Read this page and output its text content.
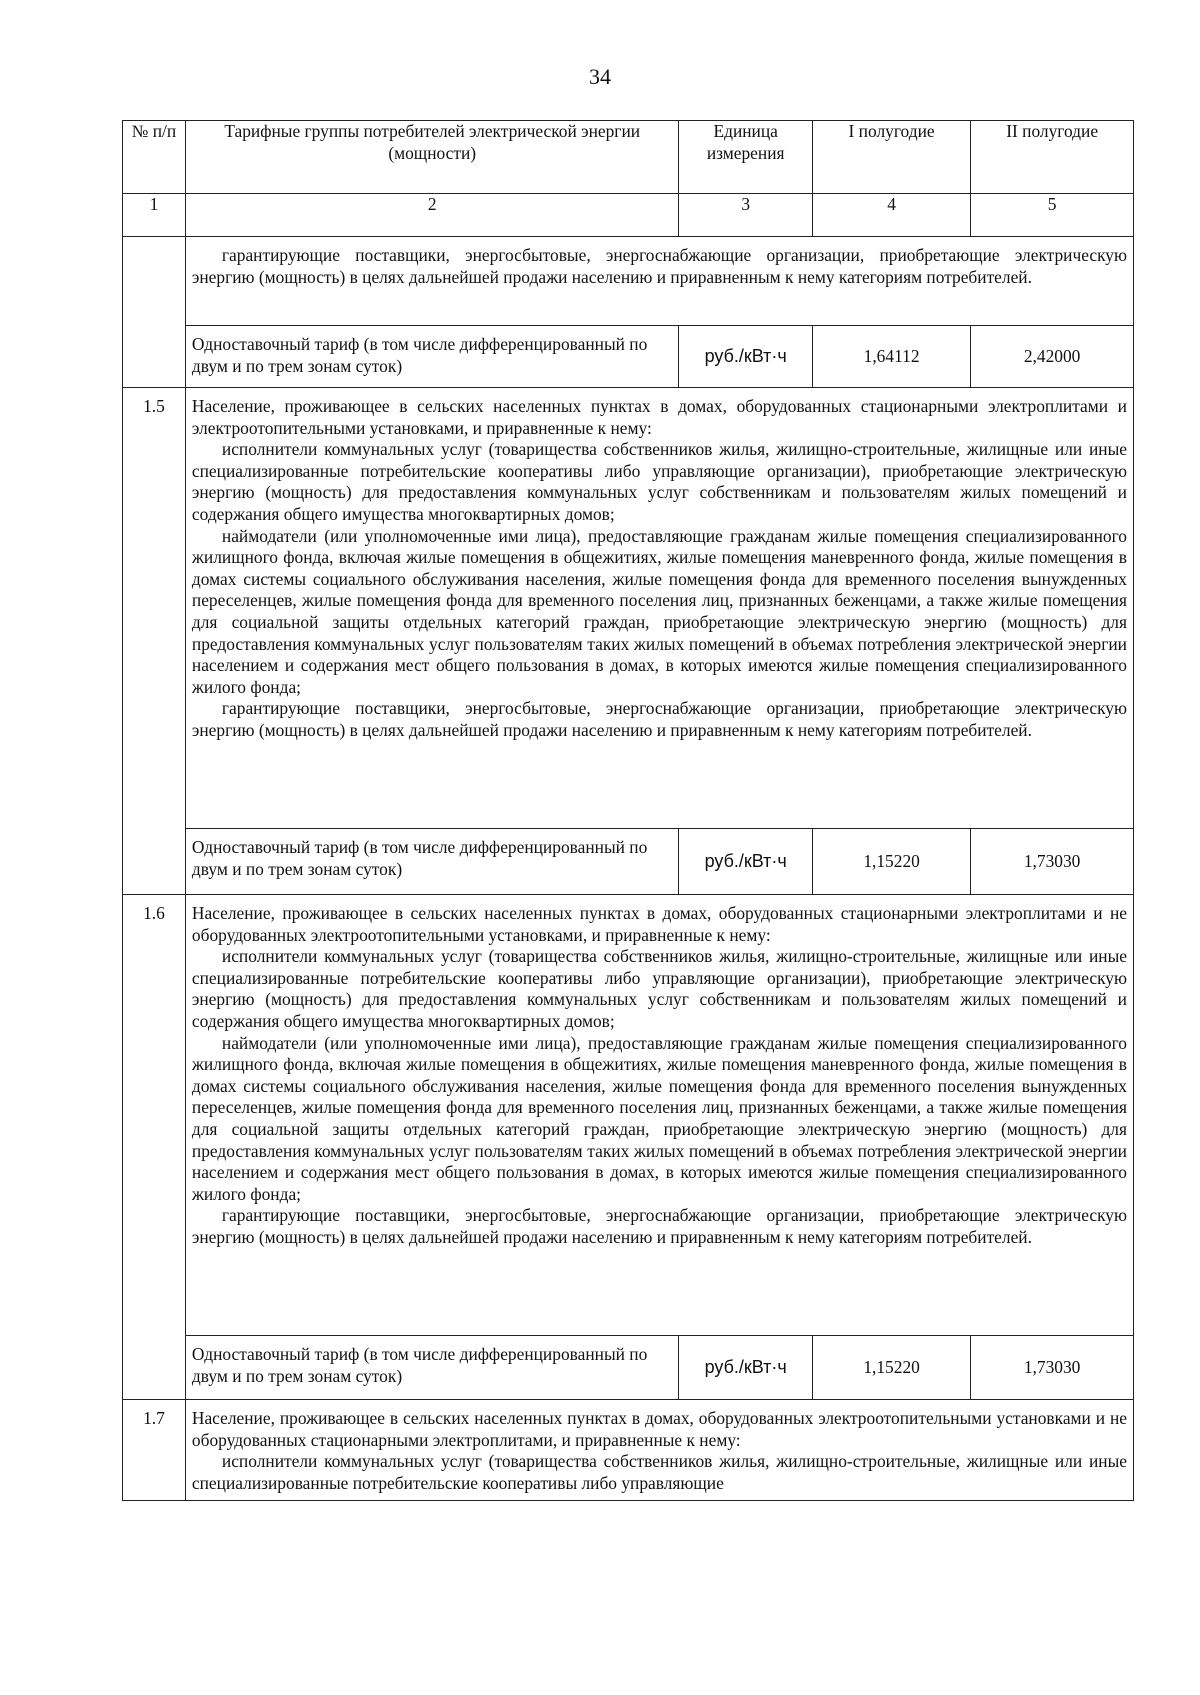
34
№ п/п	Тарифные группы потребителей электрической энергии (мощности)	Единица измерения	I полугодие	II полугодие
1	2	3	4	5

	гарантирующие поставщики, энергосбытовые, энергоснабжающие организации, приобретающие электрическую энергию (мощность) в целях дальнейшей продажи населению и приравненным к нему категориям потребителей.			

	Одноставочный тариф (в том числе дифференцированный по двум и по трем зонам суток)	руб./кВт·ч	1,64112	2,42000
1.5	Население, проживающее в сельских населенных пунктах в домах, оборудованных стационарными электроплитами и электроотопительными установками, и приравненные к нему:

исполнители коммунальных услуг (товарищества собственников жилья, жилищно-строительные, жилищные или иные специализированные потребительские кооперативы либо управляющие организации), приобретающие электрическую энергию (мощность) для предоставления коммунальных услуг собственникам и пользователям жилых помещений и содержания общего имущества многоквартирных домов;

наймодатели (или уполномоченные ими лица), предоставляющие гражданам жилые помещения специализированного жилищного фонда, включая жилые помещения в общежитиях, жилые помещения маневренного фонда, жилые помещения в домах системы социального обслуживания населения, жилые помещения фонда для временного поселения вынужденных переселенцев, жилые помещения фонда для временного поселения лиц, признанных беженцами, а также жилые помещения для социальной защиты отдельных категорий граждан, приобретающие электрическую энергию (мощность) для предоставления коммунальных услуг пользователям таких жилых помещений в объемах потребления электрической энергии населением и содержания мест общего пользования в домах, в которых имеются жилые помещения специализированного жилого фонда;

гарантирующие поставщики, энергосбытовые, энергоснабжающие организации, приобретающие электрическую энергию (мощность) в целях дальнейшей продажи населению и приравненным к нему категориям потребителей.			

	Одноставочный тариф (в том числе дифференцированный по двум и по трем зонам суток)	руб./кВт·ч	1,15220	1,73030
1.6	Население, проживающее в сельских населенных пунктах в домах, оборудованных стационарными электроплитами и не оборудованных электроотопительными установками, и приравненные к нему:

исполнители коммунальных услуг (товарищества собственников жилья, жилищно-строительные, жилищные или иные специализированные потребительские кооперативы либо управляющие организации), приобретающие электрическую энергию (мощность) для предоставления коммунальных услуг собственникам и пользователям жилых помещений и содержания общего имущества многоквартирных домов;

наймодатели (или уполномоченные ими лица), предоставляющие гражданам жилые помещения специализированного жилищного фонда, включая жилые помещения в общежитиях, жилые помещения маневренного фонда, жилые помещения в домах системы социального обслуживания населения, жилые помещения фонда для временного поселения вынужденных переселенцев, жилые помещения фонда для временного поселения лиц, признанных беженцами, а также жилые помещения для социальной защиты отдельных категорий граждан, приобретающие электрическую энергию (мощность) для предоставления коммунальных услуг пользователям таких жилых помещений в объемах потребления электрической энергии населением и содержания мест общего пользования в домах, в которых имеются жилые помещения специализированного жилого фонда;

гарантирующие поставщики, энергосбытовые, энергоснабжающие организации, приобретающие электрическую энергию (мощность) в целях дальнейшей продажи населению и приравненным к нему категориям потребителей.			

	Одноставочный тариф (в том числе дифференцированный по двум и по трем зонам суток)	руб./кВт·ч	1,15220	1,73030
1.7	Население, проживающее в сельских населенных пунктах в домах, оборудованных электроотопительными установками и не оборудованных стационарными электроплитами, и приравненные к нему:

исполнители коммунальных услуг (товарищества собственников жилья, жилищно-строительные, жилищные или иные специализированные потребительские кооперативы либо управляющие			
